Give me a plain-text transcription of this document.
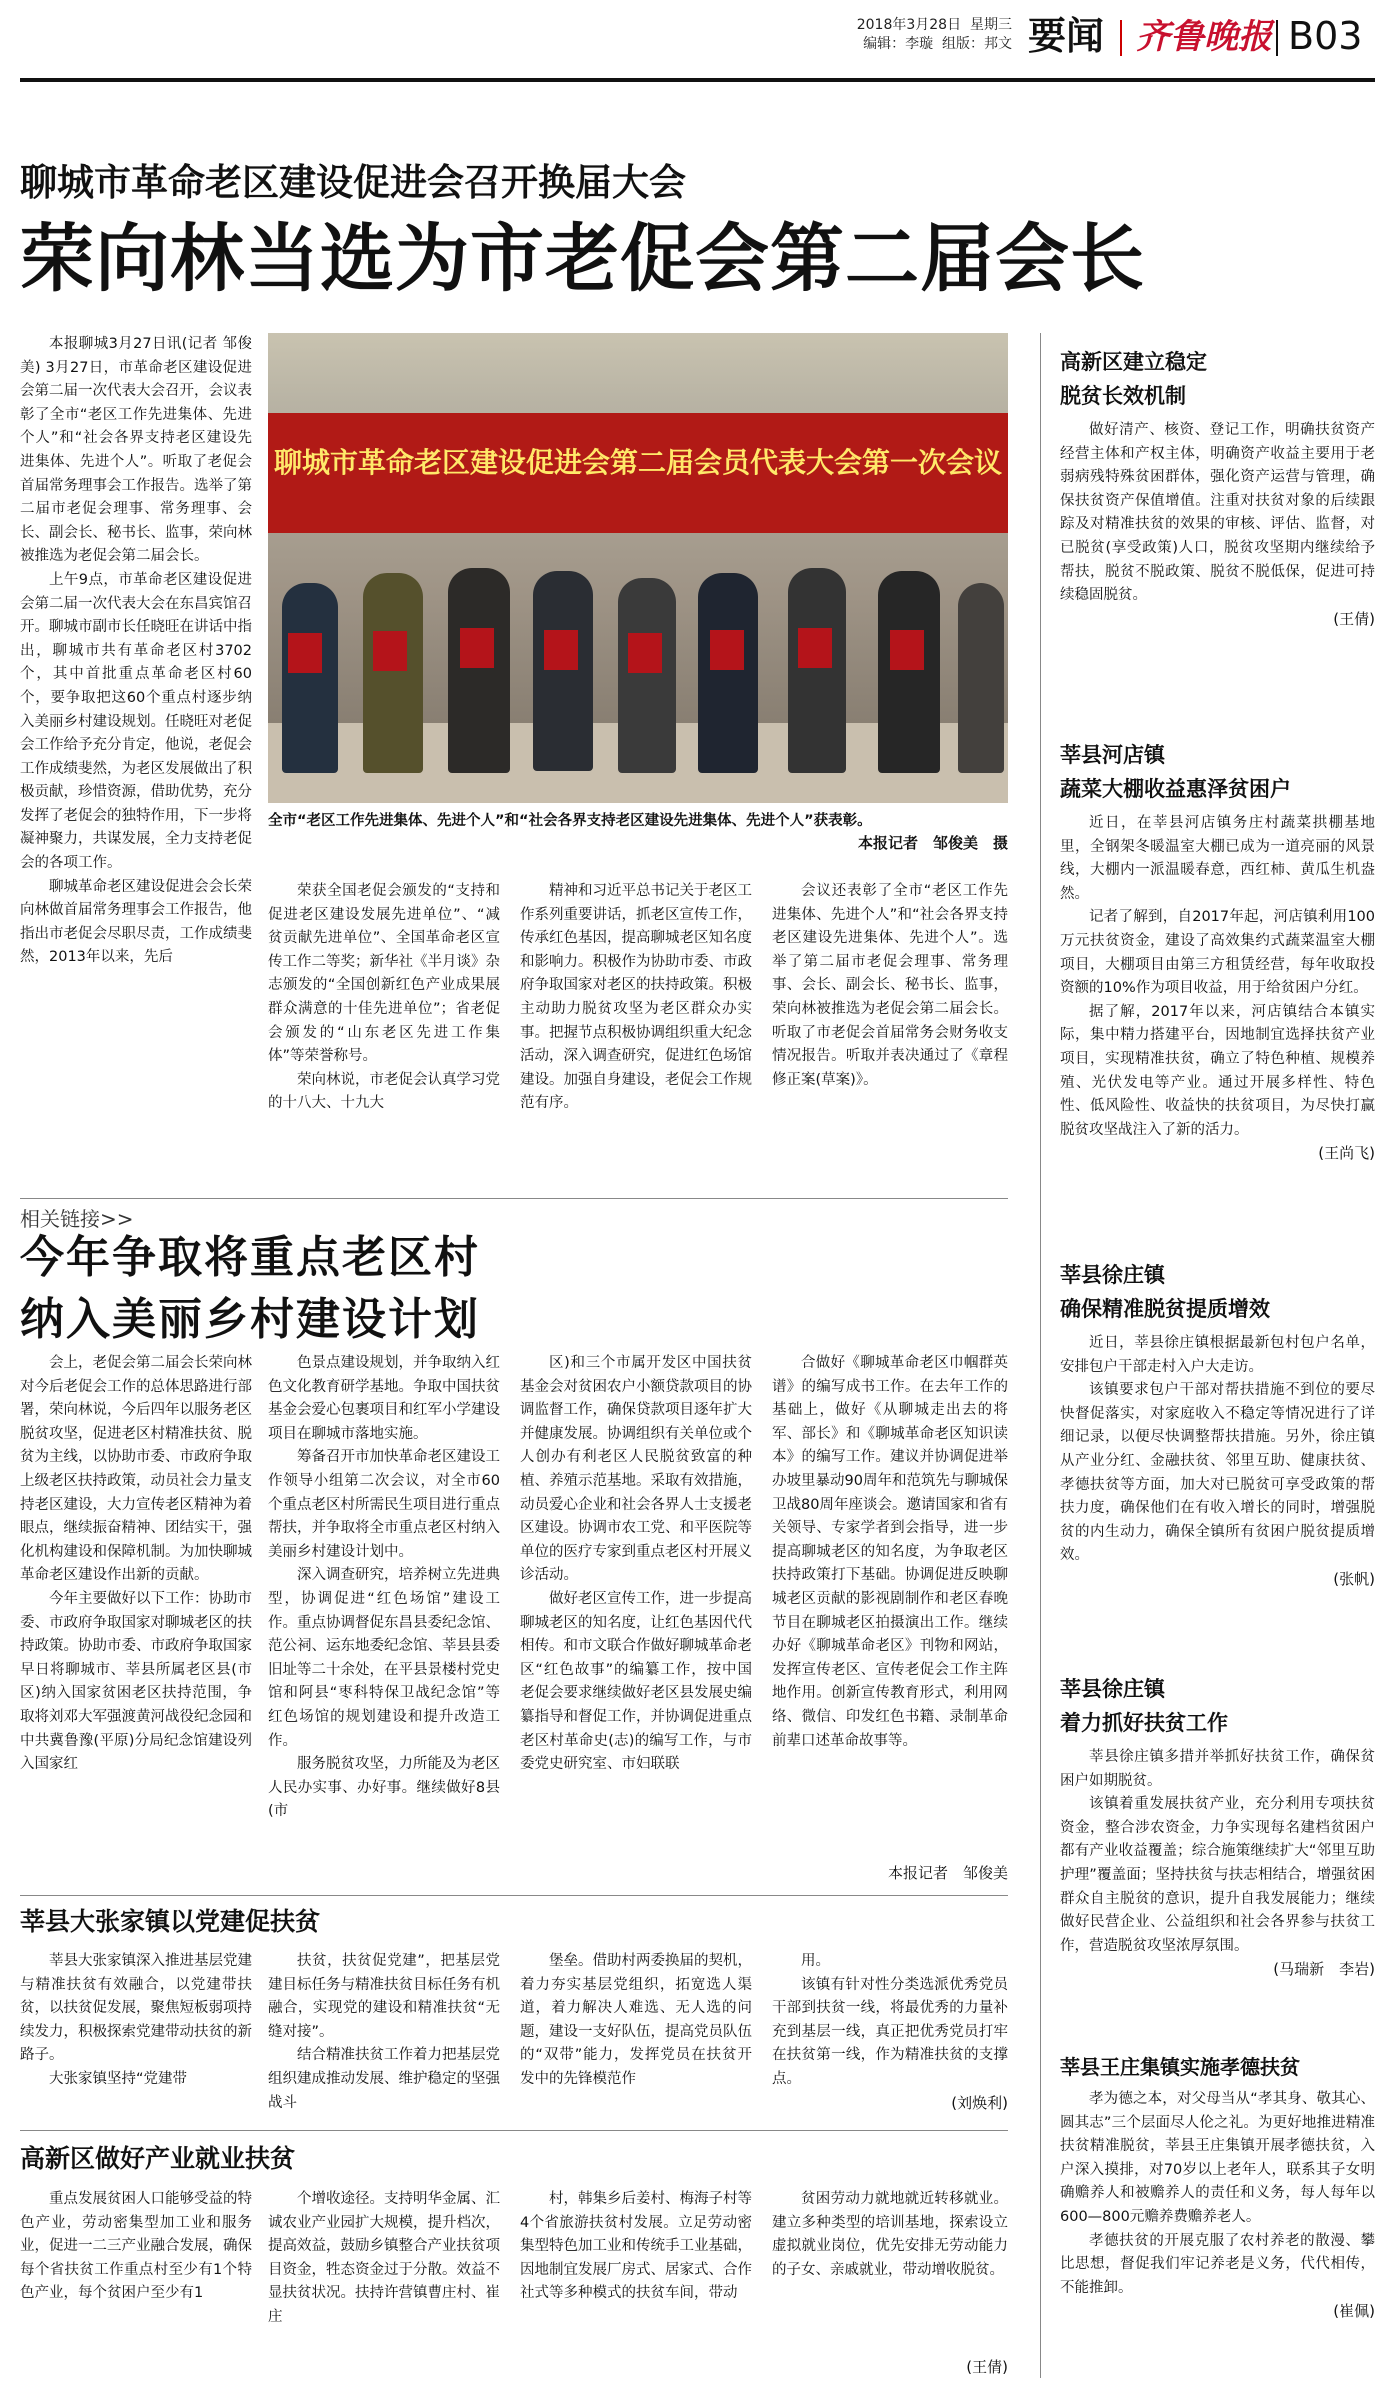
2018年3月28日 星期三
编辑：李璇 组版：邦文 要闻 齐鲁晚报 B03
聊城市革命老区建设促进会召开换届大会
荣向林当选为市老促会第二届会长
聊城市革命老区建设促进会第二届会员代表大会第一次会议
全市“老区工作先进集体、先进个人”和“社会各界支持老区建设先进集体、先进个人”获表彰。
本报记者　邹俊美　摄

本报聊城3月27日讯(记者 邹俊美) 3月27日，市革命老区建设促进会第二届一次代表大会召开，会议表彰了全市“老区工作先进集体、先进个人”和“社会各界支持老区建设先进集体、先进个人”。听取了老促会首届常务理事会工作报告。选举了第二届市老促会理事、常务理事、会长、副会长、秘书长、监事，荣向林被推选为老促会第二届会长。

上午9点，市革命老区建设促进会第二届一次代表大会在东昌宾馆召开。聊城市副市长任晓旺在讲话中指出，聊城市共有革命老区村3702个，其中首批重点革命老区村60个，要争取把这60个重点村逐步纳入美丽乡村建设规划。任晓旺对老促会工作给予充分肯定，他说，老促会工作成绩斐然，为老区发展做出了积极贡献，珍惜资源，借助优势，充分发挥了老促会的独特作用，下一步将凝神聚力，共谋发展，全力支持老促会的各项工作。

聊城革命老区建设促进会会长荣向林做首届常务理事会工作报告，他指出市老促会尽职尽责，工作成绩斐然，2013年以来，先后

荣获全国老促会颁发的“支持和促进老区建设发展先进单位”、“减贫贡献先进单位”、全国革命老区宣传工作二等奖；新华社《半月谈》杂志颁发的“全国创新红色产业成果展群众满意的十佳先进单位”；省老促会颁发的“山东老区先进工作集体”等荣誉称号。

荣向林说，市老促会认真学习党的十八大、十九大

精神和习近平总书记关于老区工作系列重要讲话，抓老区宣传工作，传承红色基因，提高聊城老区知名度和影响力。积极作为协助市委、市政府争取国家对老区的扶持政策。积极主动助力脱贫攻坚为老区群众办实事。把握节点积极协调组织重大纪念活动，深入调查研究，促进红色场馆建设。加强自身建设，老促会工作规范有序。

会议还表彰了全市“老区工作先进集体、先进个人”和“社会各界支持老区建设先进集体、先进个人”。选举了第二届市老促会理事、常务理事、会长、副会长、秘书长、监事，荣向林被推选为老促会第二届会长。听取了市老促会首届常务会财务收支情况报告。听取并表决通过了《章程修正案(草案)》。

相关链接>>
今年争取将重点老区村
纳入美丽乡村建设计划

会上，老促会第二届会长荣向林对今后老促会工作的总体思路进行部署，荣向林说，今后四年以服务老区脱贫攻坚，促进老区村精准扶贫、脱贫为主线，以协助市委、市政府争取上级老区扶持政策，动员社会力量支持老区建设，大力宣传老区精神为着眼点，继续振奋精神、团结实干，强化机构建设和保障机制。为加快聊城革命老区建设作出新的贡献。

今年主要做好以下工作：协助市委、市政府争取国家对聊城老区的扶持政策。协助市委、市政府争取国家早日将聊城市、莘县所属老区县(市区)纳入国家贫困老区扶持范围，争取将刘邓大军强渡黄河战役纪念园和中共冀鲁豫(平原)分局纪念馆建设列入国家红

色景点建设规划，并争取纳入红色文化教育研学基地。争取中国扶贫基金会爱心包裹项目和红军小学建设项目在聊城市落地实施。

筹备召开市加快革命老区建设工作领导小组第二次会议，对全市60个重点老区村所需民生项目进行重点帮扶，并争取将全市重点老区村纳入美丽乡村建设计划中。

深入调查研究，培养树立先进典型，协调促进“红色场馆”建设工作。重点协调督促东昌县委纪念馆、范公祠、运东地委纪念馆、莘县县委旧址等二十余处，在平县景楼村党史馆和阿县“枣科特保卫战纪念馆”等红色场馆的规划建设和提升改造工作。

服务脱贫攻坚，力所能及为老区人民办实事、办好事。继续做好8县(市

区)和三个市属开发区中国扶贫基金会对贫困农户小额贷款项目的协调监督工作，确保贷款项目逐年扩大并健康发展。协调组织有关单位或个人创办有利老区人民脱贫致富的种植、养殖示范基地。采取有效措施，动员爱心企业和社会各界人士支援老区建设。协调市农工党、和平医院等单位的医疗专家到重点老区村开展义诊活动。

做好老区宣传工作，进一步提高聊城老区的知名度，让红色基因代代相传。和市文联合作做好聊城革命老区“红色故事”的编纂工作，按中国老促会要求继续做好老区县发展史编纂指导和督促工作，并协调促进重点老区村革命史(志)的编写工作，与市委党史研究室、市妇联联

合做好《聊城革命老区巾帼群英谱》的编写成书工作。在去年工作的基础上，做好《从聊城走出去的将军、部长》和《聊城革命老区知识读本》的编写工作。建议并协调促进举办坡里暴动90周年和范筑先与聊城保卫战80周年座谈会。邀请国家和省有关领导、专家学者到会指导，进一步提高聊城老区的知名度，为争取老区扶持政策打下基础。协调促进反映聊城老区贡献的影视剧制作和老区春晚节目在聊城老区拍摄演出工作。继续办好《聊城革命老区》刊物和网站，发挥宣传老区、宣传老促会工作主阵地作用。创新宣传教育形式，利用网络、微信、印发红色书籍、录制革命前辈口述革命故事等。

本报记者　邹俊美
莘县大张家镇以党建促扶贫

莘县大张家镇深入推进基层党建与精准扶贫有效融合，以党建带扶贫，以扶贫促发展，聚焦短板弱项持续发力，积极探索党建带动扶贫的新路子。

大张家镇坚持“党建带

扶贫，扶贫促党建”，把基层党建目标任务与精准扶贫目标任务有机融合，实现党的建设和精准扶贫“无缝对接”。

结合精准扶贫工作着力把基层党组织建成推动发展、维护稳定的坚强战斗

堡垒。借助村两委换届的契机，着力夯实基层党组织，拓宽选人渠道，着力解决人难选、无人选的问题，建设一支好队伍，提高党员队伍的“双带”能力，发挥党员在扶贫开发中的先锋模范作

用。

该镇有针对性分类选派优秀党员干部到扶贫一线，将最优秀的力量补充到基层一线，真正把优秀党员打牢在扶贫第一线，作为精准扶贫的支撑点。

(刘焕利)
高新区做好产业就业扶贫

重点发展贫困人口能够受益的特色产业，劳动密集型加工业和服务业，促进一二三产业融合发展，确保每个省扶贫工作重点村至少有1个特色产业，每个贫困户至少有1

个增收途径。支持明华金属、汇诚农业产业园扩大规模，提升档次，提高效益，鼓励乡镇整合产业扶贫项目资金，牲态资金过于分散。效益不显扶贫状况。扶持许营镇曹庄村、崔庄

村，韩集乡后姜村、梅海子村等4个省旅游扶贫村发展。立足劳动密集型特色加工业和传统手工业基础，因地制宜发展厂房式、居家式、合作社式等多种模式的扶贫车间，带动

贫困劳动力就地就近转移就业。建立多种类型的培训基地，探索设立虚拟就业岗位，优先安排无劳动能力的子女、亲戚就业，带动增收脱贫。

(王倩)
高新区建立稳定
脱贫长效机制

做好清产、核资、登记工作，明确扶贫资产经营主体和产权主体，明确资产收益主要用于老弱病残特殊贫困群体，强化资产运营与管理，确保扶贫资产保值增值。注重对扶贫对象的后续跟踪及对精准扶贫的效果的审核、评估、监督，对已脱贫(享受政策)人口，脱贫攻坚期内继续给予帮扶，脱贫不脱政策、脱贫不脱低保，促进可持续稳固脱贫。

(王倩)
莘县河店镇
蔬菜大棚收益惠泽贫困户

近日，在莘县河店镇务庄村蔬菜拱棚基地里，全钢架冬暖温室大棚已成为一道亮丽的风景线，大棚内一派温暖春意，西红柿、黄瓜生机盎然。

记者了解到，自2017年起，河店镇利用100万元扶贫资金，建设了高效集约式蔬菜温室大棚项目，大棚项目由第三方租赁经营，每年收取投资额的10%作为项目收益，用于给贫困户分红。

据了解，2017年以来，河店镇结合本镇实际，集中精力搭建平台，因地制宜选择扶贫产业项目，实现精准扶贫，确立了特色种植、规模养殖、光伏发电等产业。通过开展多样性、特色性、低风险性、收益快的扶贫项目，为尽快打赢脱贫攻坚战注入了新的活力。

(王尚飞)
莘县徐庄镇
确保精准脱贫提质增效

近日，莘县徐庄镇根据最新包村包户名单，安排包户干部走村入户大走访。

该镇要求包户干部对帮扶措施不到位的要尽快督促落实，对家庭收入不稳定等情况进行了详细记录，以便尽快调整帮扶措施。另外，徐庄镇从产业分红、金融扶贫、邻里互助、健康扶贫、孝德扶贫等方面，加大对已脱贫可享受政策的帮扶力度，确保他们在有收入增长的同时，增强脱贫的内生动力，确保全镇所有贫困户脱贫提质增效。

(张帆)
莘县徐庄镇
着力抓好扶贫工作

莘县徐庄镇多措并举抓好扶贫工作，确保贫困户如期脱贫。

该镇着重发展扶贫产业，充分利用专项扶贫资金，整合涉农资金，力争实现每名建档贫困户都有产业收益覆盖；综合施策继续扩大“邻里互助护理”覆盖面；坚持扶贫与扶志相结合，增强贫困群众自主脱贫的意识，提升自我发展能力；继续做好民营企业、公益组织和社会各界参与扶贫工作，营造脱贫攻坚浓厚氛围。

(马瑞新　李岩)
莘县王庄集镇实施孝德扶贫

孝为德之本，对父母当从“孝其身、敬其心、圆其志”三个层面尽人伦之礼。为更好地推进精准扶贫精准脱贫，莘县王庄集镇开展孝德扶贫，入户深入摸排，对70岁以上老年人，联系其子女明确赡养人和被赡养人的责任和义务，每人每年以600—800元赡养费赡养老人。

孝德扶贫的开展克服了农村养老的散漫、攀比思想，督促我们牢记养老是义务，代代相传，不能推卸。

(崔佩)
